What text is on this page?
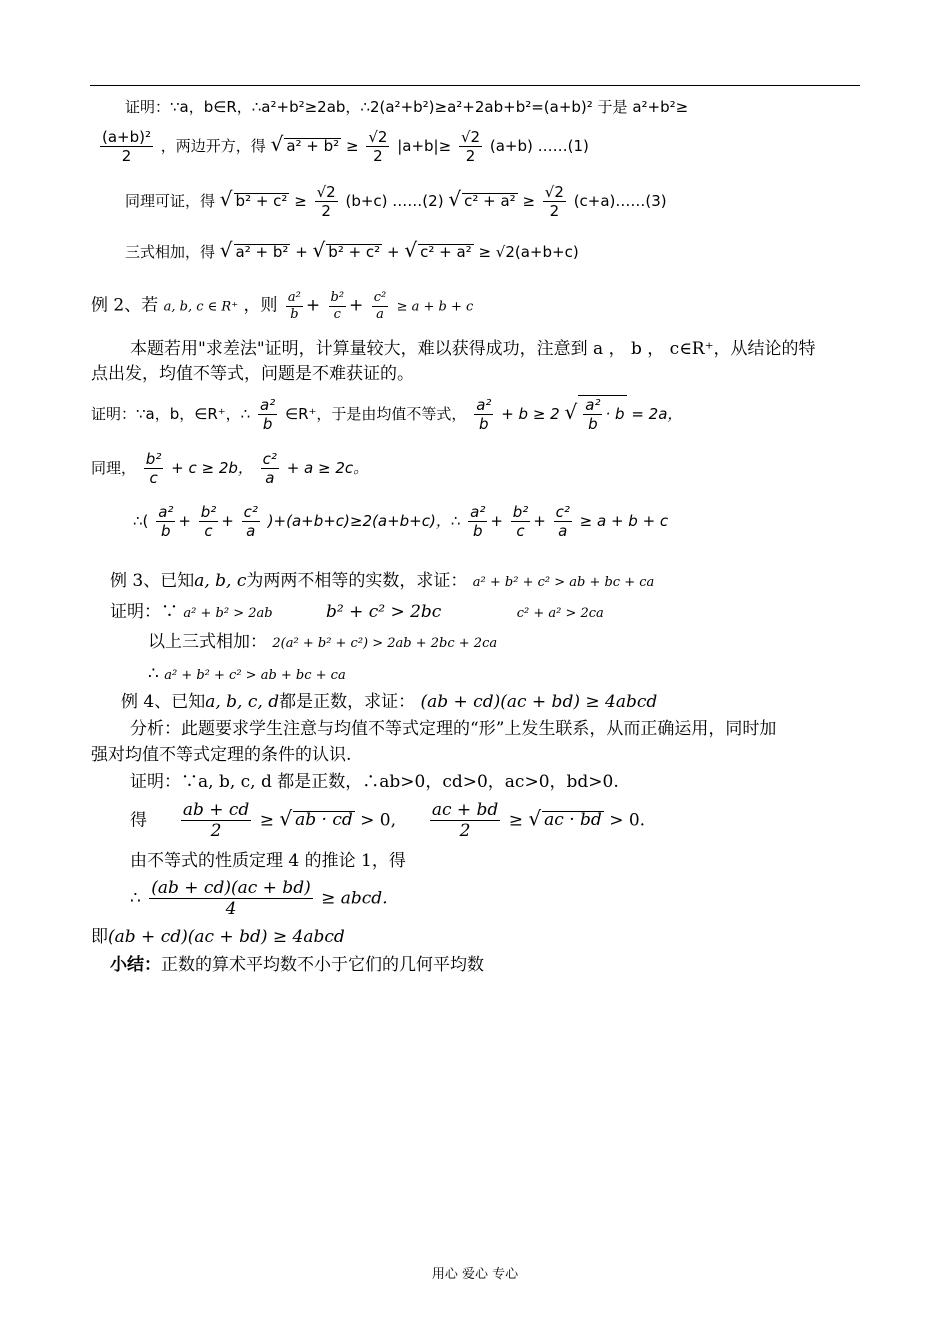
证明：∵a，b∈R，∴a²+b²≥2ab，∴2(a²+b²)≥a²+2ab+b²=(a+b)² 于是 a²+b²≥
$\frac{\text{(a+b)²}}{2}$ ，两边开方，得 √ $a^2 + b^2 \ge \frac{√2}{2} |a+b|\ge \frac{√2}{2} (a+b)$ ……(1)
同理可证，得 √ $b^2 + c^2 \ge \frac{√2}{2} (b+c)$ ……(2) √ $c^2 + a^2 \ge \frac{√2}{2}$ (c+a)……(3)
三式相加，得 √ a² + b² + √ b² + c² + √ c² + a² ≥ √2(a+b+c)
例 2、若 a, b, c ∈ R⁺ ，则 $\frac{\text{a²}}{b} + \frac{\text{b²}}{c} + \frac{\text{c²}}{a} \ge a + b + c$
本题若用"求差法"证明，计算量较大，难以获得成功，注意到 a ， b ， c∈R⁺，从结论的特
点出发，均值不等式，问题是不难获证的。
证明：∵a，b，∈R⁺，∴ $\frac{\text{a²}}{b}$ ∈R⁺，于是由均值不等式， $\frac{\text{a²}}{b} + b \ge 2$ √ $\frac{\text{a²}}{b} \cdot b = 2a$，
同理， $\frac{\text{b²}}{c} + c \ge 2b$， $\frac{\text{c²}}{a} + a \ge 2c$。
∴( $\frac{\text{a²}}{b} + \frac{\text{b²}}{c} + \frac{\text{c²}}{a} )+(a+b+c)\ge 2(a+b+c)$，∴ $\frac{\text{a²}}{b} + \frac{\text{b²}}{c} + \frac{\text{c²}}{a} \ge a + b + c$
例 3、已知a, b, c为两两不相等的实数，求证： a² + b² + c² > ab + bc + ca
证明：∵ a² + b² > 2ab	b² + c² > 2bc	c² + a² > 2ca
以上三式相加： 2(a² + b² + c²) > 2ab + 2bc + 2ca
∴ a² + b² + c² > ab + bc + ca
例 4、已知a, b, c, d都是正数，求证： (ab + cd)(ac + bd) ≥ 4abcd
分析：此题要求学生注意与均值不等式定理的“形”上发生联系，从而正确运用，同时加
强对均值不等式定理的条件的认识.
证明：∵a, b, c, d 都是正数，∴ab>0，cd>0，ac>0，bd>0.
得 $\frac{ab + cd}{2}$ ≥ √ ab · cd > 0, $\frac{ac + bd}{2}$ ≥ √ ac · bd > 0.
由不等式的性质定理 4 的推论 1，得
∴ $\frac{(ab + cd)(ac + bd)}{4}$ ≥ abcd.
即(ab + cd)(ac + bd) ≥ 4abcd
小结：正数的算术平均数不小于它们的几何平均数
用心 爱心 专心
